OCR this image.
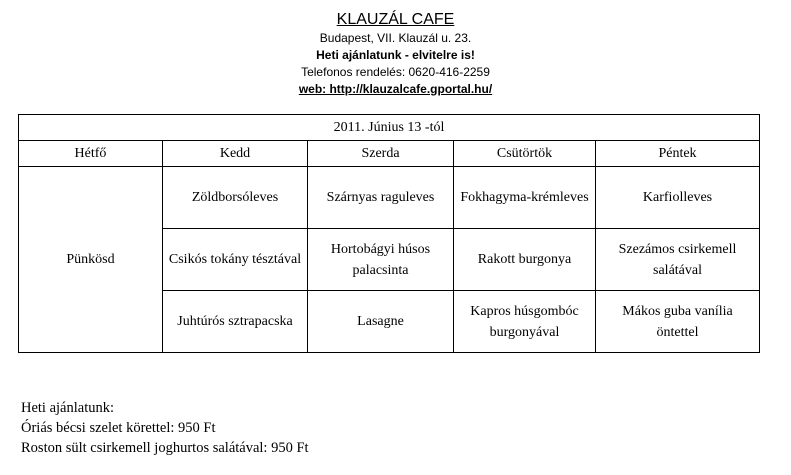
KLAUZÁL CAFE
Budapest, VII. Klauzál u. 23.
Heti ajánlatunk - elvitelre is!
Telefonos rendelés: 0620-416-2259
web: http://klauzalcafe.gportal.hu/
2011. Június 13 -tól				
Hétfő	Kedd	Szerda	Csütörtök	Péntek
Pünkösd	Zöldborsóleves	Szárnyas raguleves	Fokhagyma-krémleves	Karfiolleves
	Csikós tokány tésztával	Hortobágyi húsos palacsinta	Rakott burgonya	Szezámos csirkemell salátával
	Juhtúrós sztrapacska	Lasagne	Kapros húsgombóc burgonyával	Mákos guba vanília öntettel
Heti ajánlatunk:
Óriás bécsi szelet körettel: 950 Ft
Roston sült csirkemell joghurtos salátával: 950 Ft
